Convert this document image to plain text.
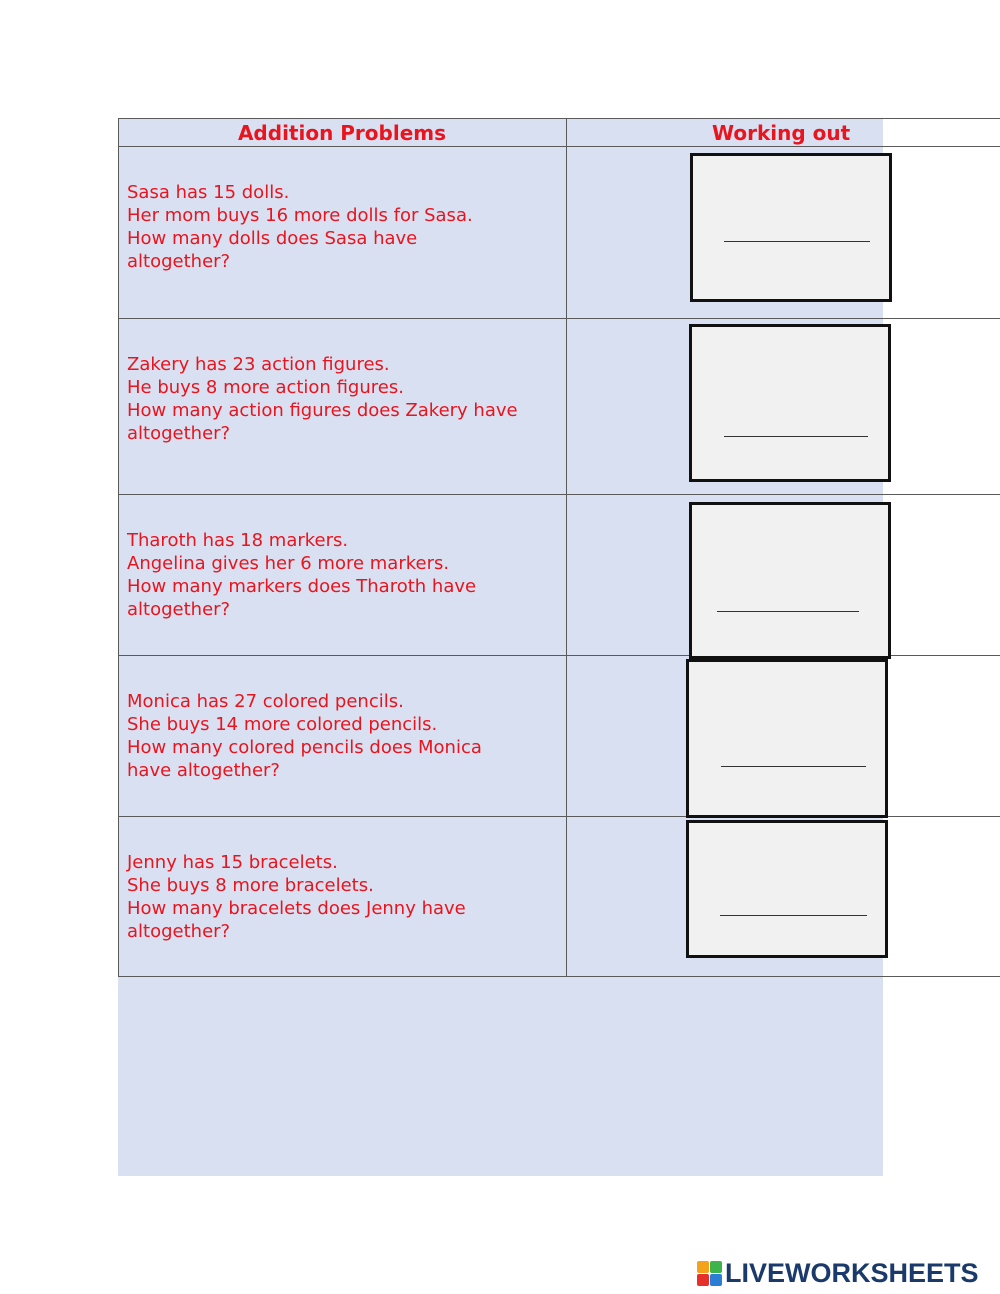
Addition Problems	Working out
Sasa has 15 dolls.
Her mom buys 16 more dolls for Sasa.
How many dolls does Sasa have
altogether?
Zakery has 23 action figures.
He buys 8 more action figures.
How many action figures does Zakery have
altogether?
Tharoth has 18 markers.
Angelina gives her 6 more markers.
How many markers does Tharoth have
altogether?
Monica has 27 colored pencils.
She buys 14 more colored pencils.
How many colored pencils does Monica
have altogether?
Jenny has 15 bracelets.
She buys 8 more bracelets.
How many bracelets does Jenny have
altogether?
LIVEWORKSHEETS
